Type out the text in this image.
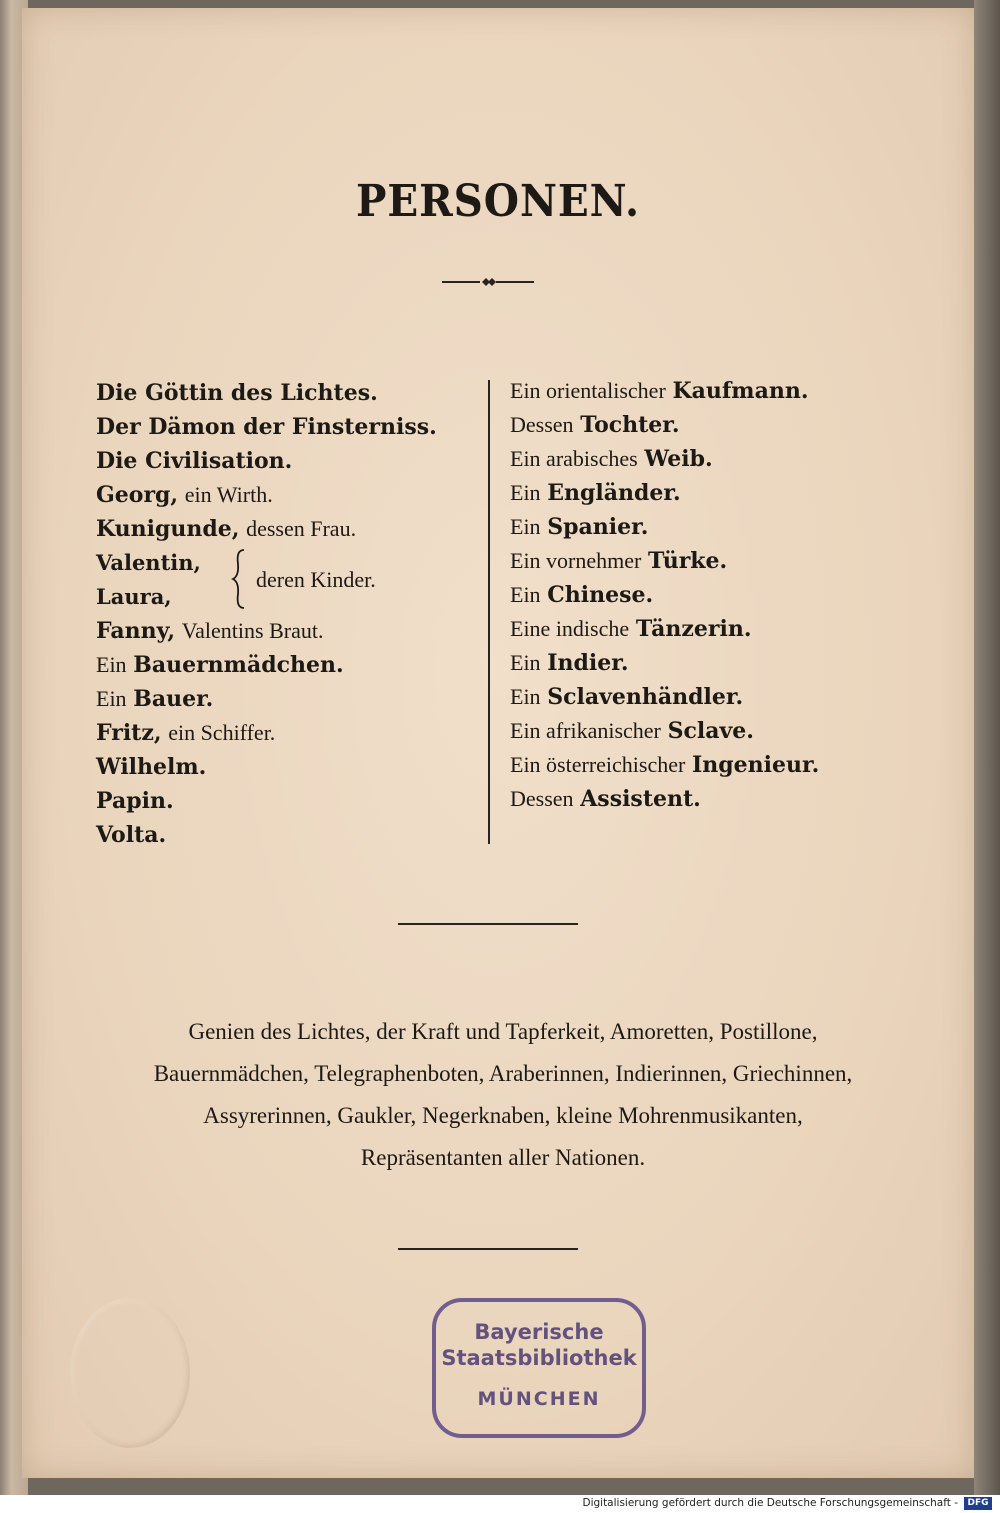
PERSONEN.
Die Göttin des Lichtes.
Der Dämon der Finsterniss.
Die Civilisation.
Georg, ein Wirth.
Kunigunde, dessen Frau.
Valentin,
Laura,
deren Kinder.
Fanny, Valentins Braut.
Ein Bauernmädchen.
Ein Bauer.
Fritz, ein Schiffer.
Wilhelm.
Papin.
Volta.
Ein orientalischer Kaufmann.
Dessen Tochter.
Ein arabisches Weib.
Ein Engländer.
Ein Spanier.
Ein vornehmer Türke.
Ein Chinese.
Eine indische Tänzerin.
Ein Indier.
Ein Sclavenhändler.
Ein afrikanischer Sclave.
Ein österreichischer Ingenieur.
Dessen Assistent.
Genien des Lichtes, der Kraft und Tapferkeit, Amoretten, Postillone,
Bauernmädchen, Telegraphenboten, Araberinnen, Indierinnen, Griechinnen,
Assyrerinnen, Gaukler, Negerknaben, kleine Mohrenmusikanten,
Repräsentanten aller Nationen.
Bayerische
Staatsbibliothek
MÜNCHEN
Digitalisierung gefördert durch die Deutsche Forschungsgemeinschaft -	DFG
